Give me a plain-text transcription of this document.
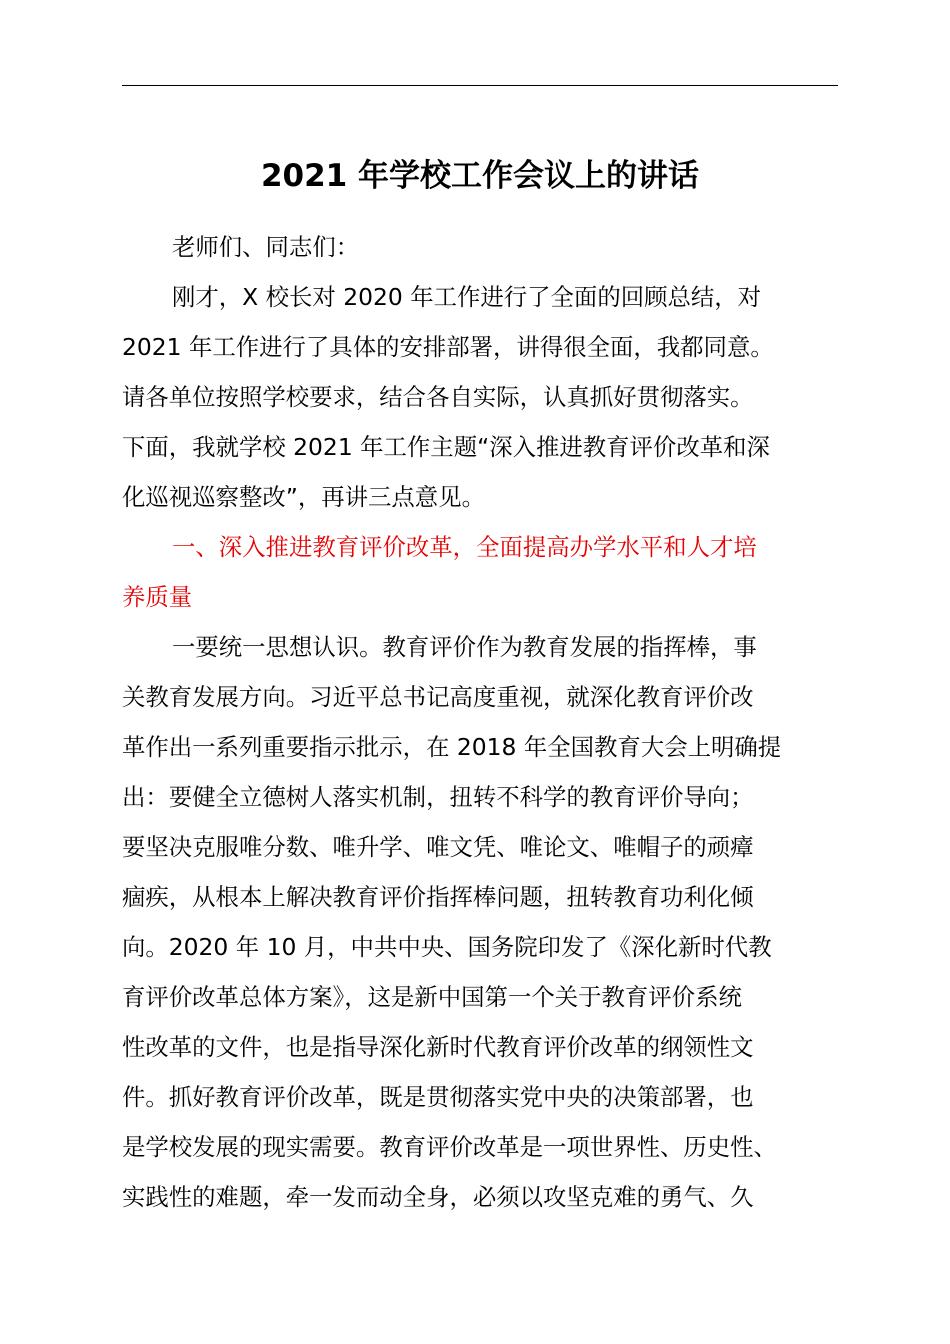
2021 年学校工作会议上的讲话
老师们、同志们：
刚才，X 校长对 2020 年工作进行了全面的回顾总结，对
2021 年工作进行了具体的安排部署，讲得很全面，我都同意。
请各单位按照学校要求，结合各自实际，认真抓好贯彻落实。
下面，我就学校 2021 年工作主题“深入推进教育评价改革和深
化巡视巡察整改”，再讲三点意见。
一、深入推进教育评价改革，全面提高办学水平和人才培
养质量
一要统一思想认识。教育评价作为教育发展的指挥棒，事
关教育发展方向。习近平总书记高度重视，就深化教育评价改
革作出一系列重要指示批示，在 2018 年全国教育大会上明确提
出：要健全立德树人落实机制，扭转不科学的教育评价导向；
要坚决克服唯分数、唯升学、唯文凭、唯论文、唯帽子的顽瘴
痼疾，从根本上解决教育评价指挥棒问题，扭转教育功利化倾
向。2020 年 10 月，中共中央、国务院印发了《深化新时代教
育评价改革总体方案》，这是新中国第一个关于教育评价系统
性改革的文件，也是指导深化新时代教育评价改革的纲领性文
件。抓好教育评价改革，既是贯彻落实党中央的决策部署，也
是学校发展的现实需要。教育评价改革是一项世界性、历史性、
实践性的难题，牵一发而动全身，必须以攻坚克难的勇气、久
